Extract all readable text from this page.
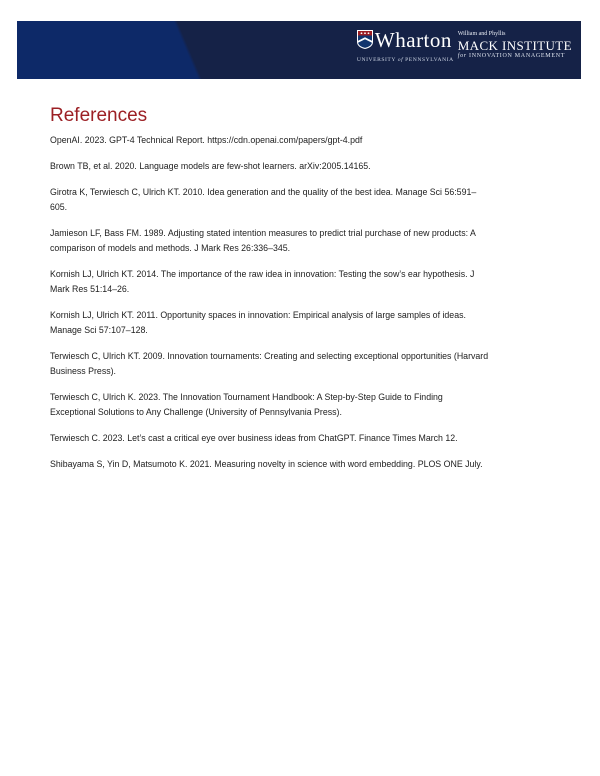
Wharton
UNIVERSITY of PENNSYLVANIA
William and Phyllis
MACK INSTITUTE
for INNOVATION MANAGEMENT
References

OpenAI. 2023. GPT-4 Technical Report. https://cdn.openai.com/papers/gpt-4.pdf

Brown TB, et al. 2020. Language models are few-shot learners. arXiv:2005.14165.

Girotra K, Terwiesch C, Ulrich KT. 2010. Idea generation and the quality of the best idea. Manage Sci 56:591–
605.

Jamieson LF, Bass FM. 1989. Adjusting stated intention measures to predict trial purchase of new products: A
comparison of models and methods. J Mark Res 26:336–345.

Kornish LJ, Ulrich KT. 2014. The importance of the raw idea in innovation: Testing the sow’s ear hypothesis. J
Mark Res 51:14–26.

Kornish LJ, Ulrich KT. 2011. Opportunity spaces in innovation: Empirical analysis of large samples of ideas.
Manage Sci 57:107–128.

Terwiesch C, Ulrich KT. 2009. Innovation tournaments: Creating and selecting exceptional opportunities (Harvard
Business Press).

Terwiesch C, Ulrich K. 2023. The Innovation Tournament Handbook: A Step-by-Step Guide to Finding
Exceptional Solutions to Any Challenge (University of Pennsylvania Press).

Terwiesch C. 2023. Let’s cast a critical eye over business ideas from ChatGPT. Finance Times March 12.

Shibayama S, Yin D, Matsumoto K. 2021. Measuring novelty in science with word embedding. PLOS ONE July.
